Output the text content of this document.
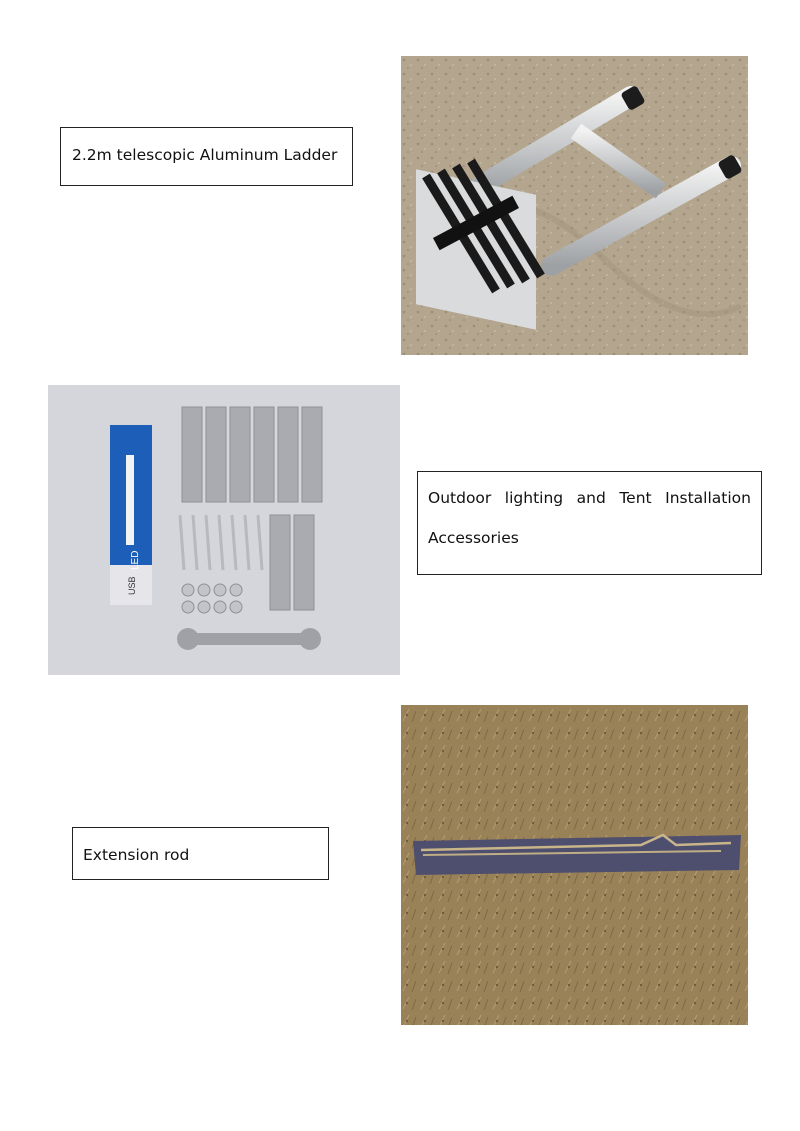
2.2m telescopic Aluminum Ladder
USB
LED
Outdoor lighting and Tent Installation
Accessories
Extension rod
